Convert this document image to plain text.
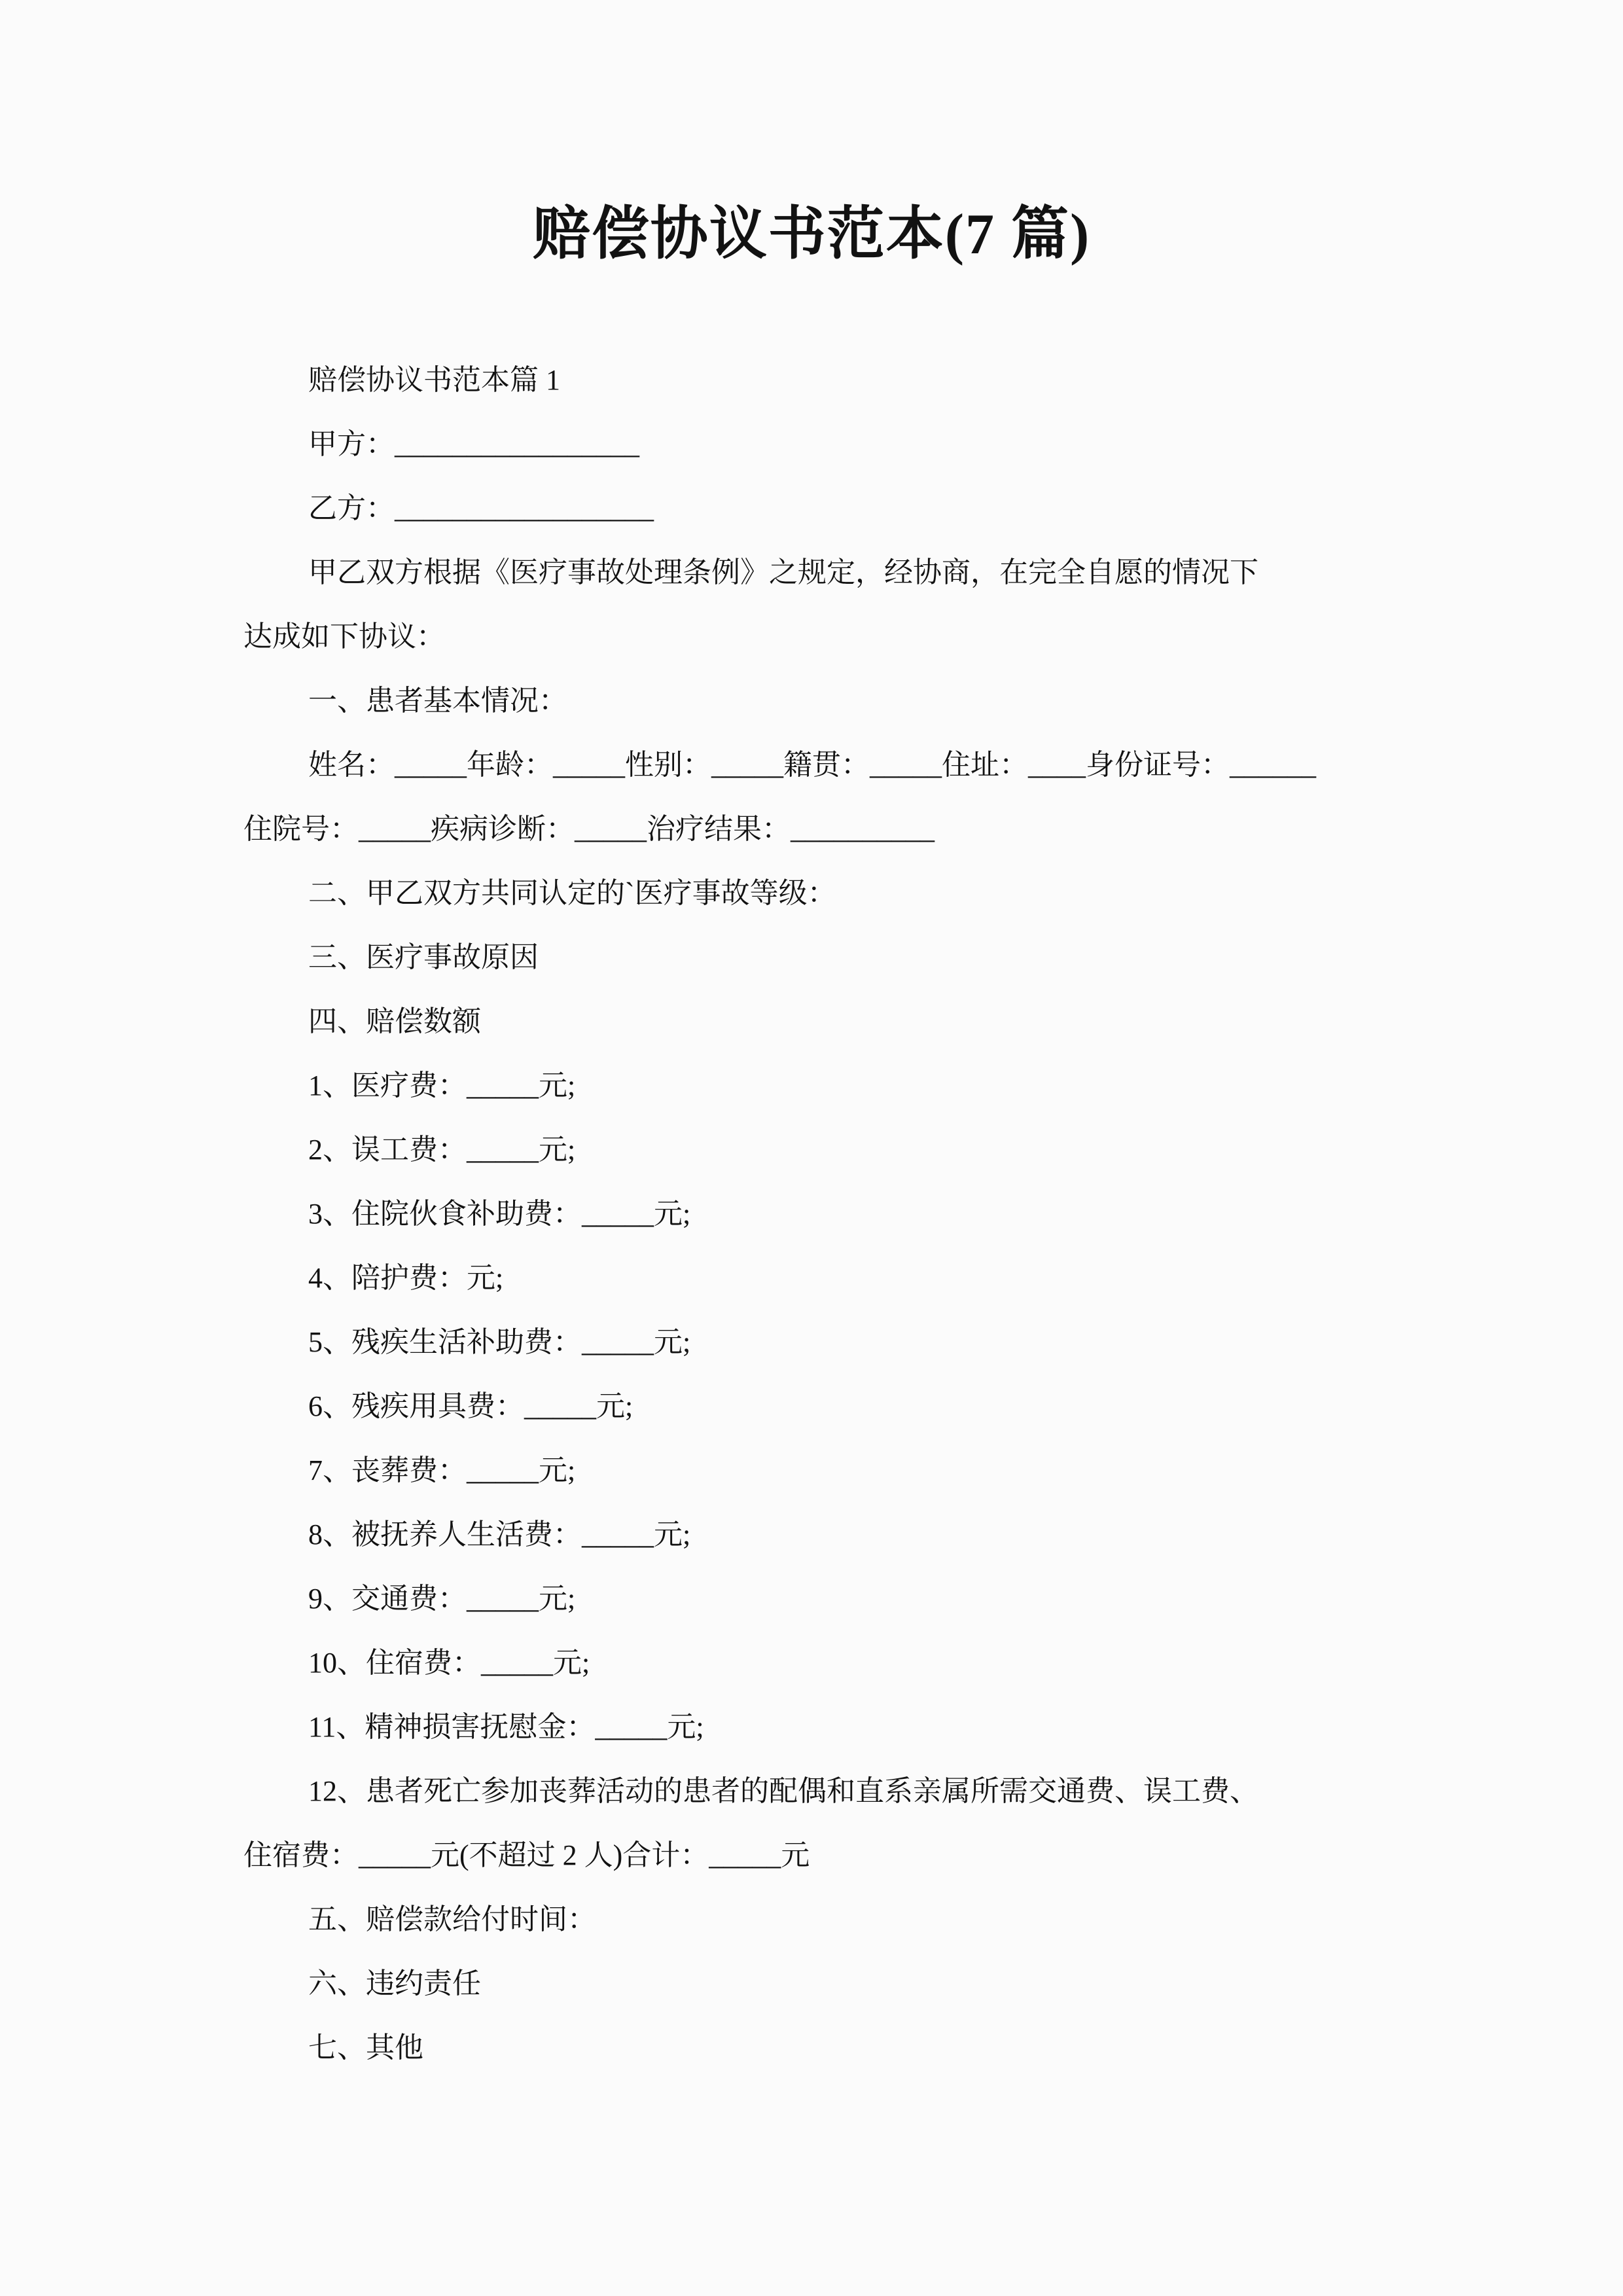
赔偿协议书范本(7 篇)
赔偿协议书范本篇 1
甲方：_________________
乙方：__________________
甲乙双方根据《医疗事故处理条例》之规定，经协商，在完全自愿的情况下
达成如下协议：
一、患者基本情况：
姓名：_____年龄：_____性别：_____籍贯：_____住址：____身份证号：______
住院号：_____疾病诊断：_____治疗结果：__________
二、甲乙双方共同认定的`医疗事故等级：
三、医疗事故原因
四、赔偿数额
1、医疗费：_____元;
2、误工费：_____元;
3、住院伙食补助费：_____元;
4、陪护费：元;
5、残疾生活补助费：_____元;
6、残疾用具费：_____元;
7、丧葬费：_____元;
8、被抚养人生活费：_____元;
9、交通费：_____元;
10、住宿费：_____元;
11、精神损害抚慰金：_____元;
12、患者死亡参加丧葬活动的患者的配偶和直系亲属所需交通费、误工费、
住宿费：_____元(不超过 2 人)合计：_____元
五、赔偿款给付时间：
六、违约责任
七、其他
